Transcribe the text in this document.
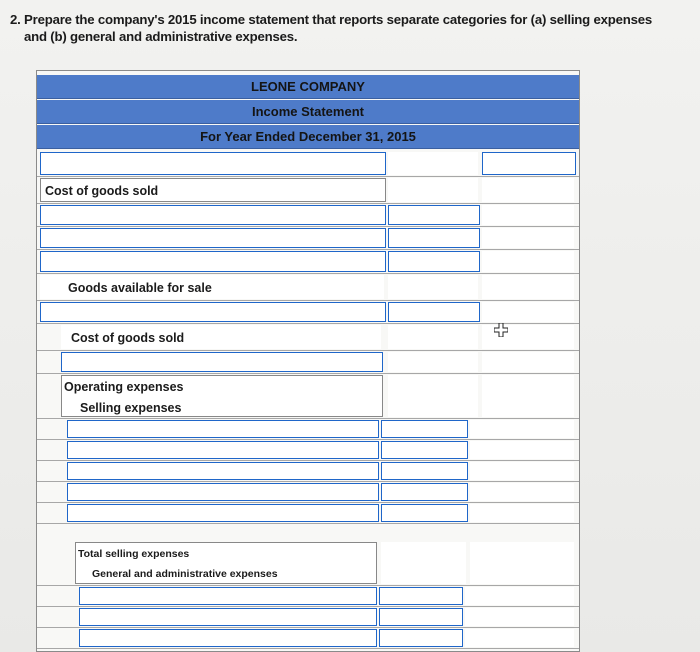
2. Prepare the company's 2015 income statement that reports separate categories for (a) selling expenses
and (b) general and administrative expenses.
LEONE COMPANY
Income Statement
For Year Ended December 31, 2015
Cost of goods sold
Goods available for sale
Cost of goods sold
Operating expenses
Selling expenses
Total selling expenses
General and administrative expenses
